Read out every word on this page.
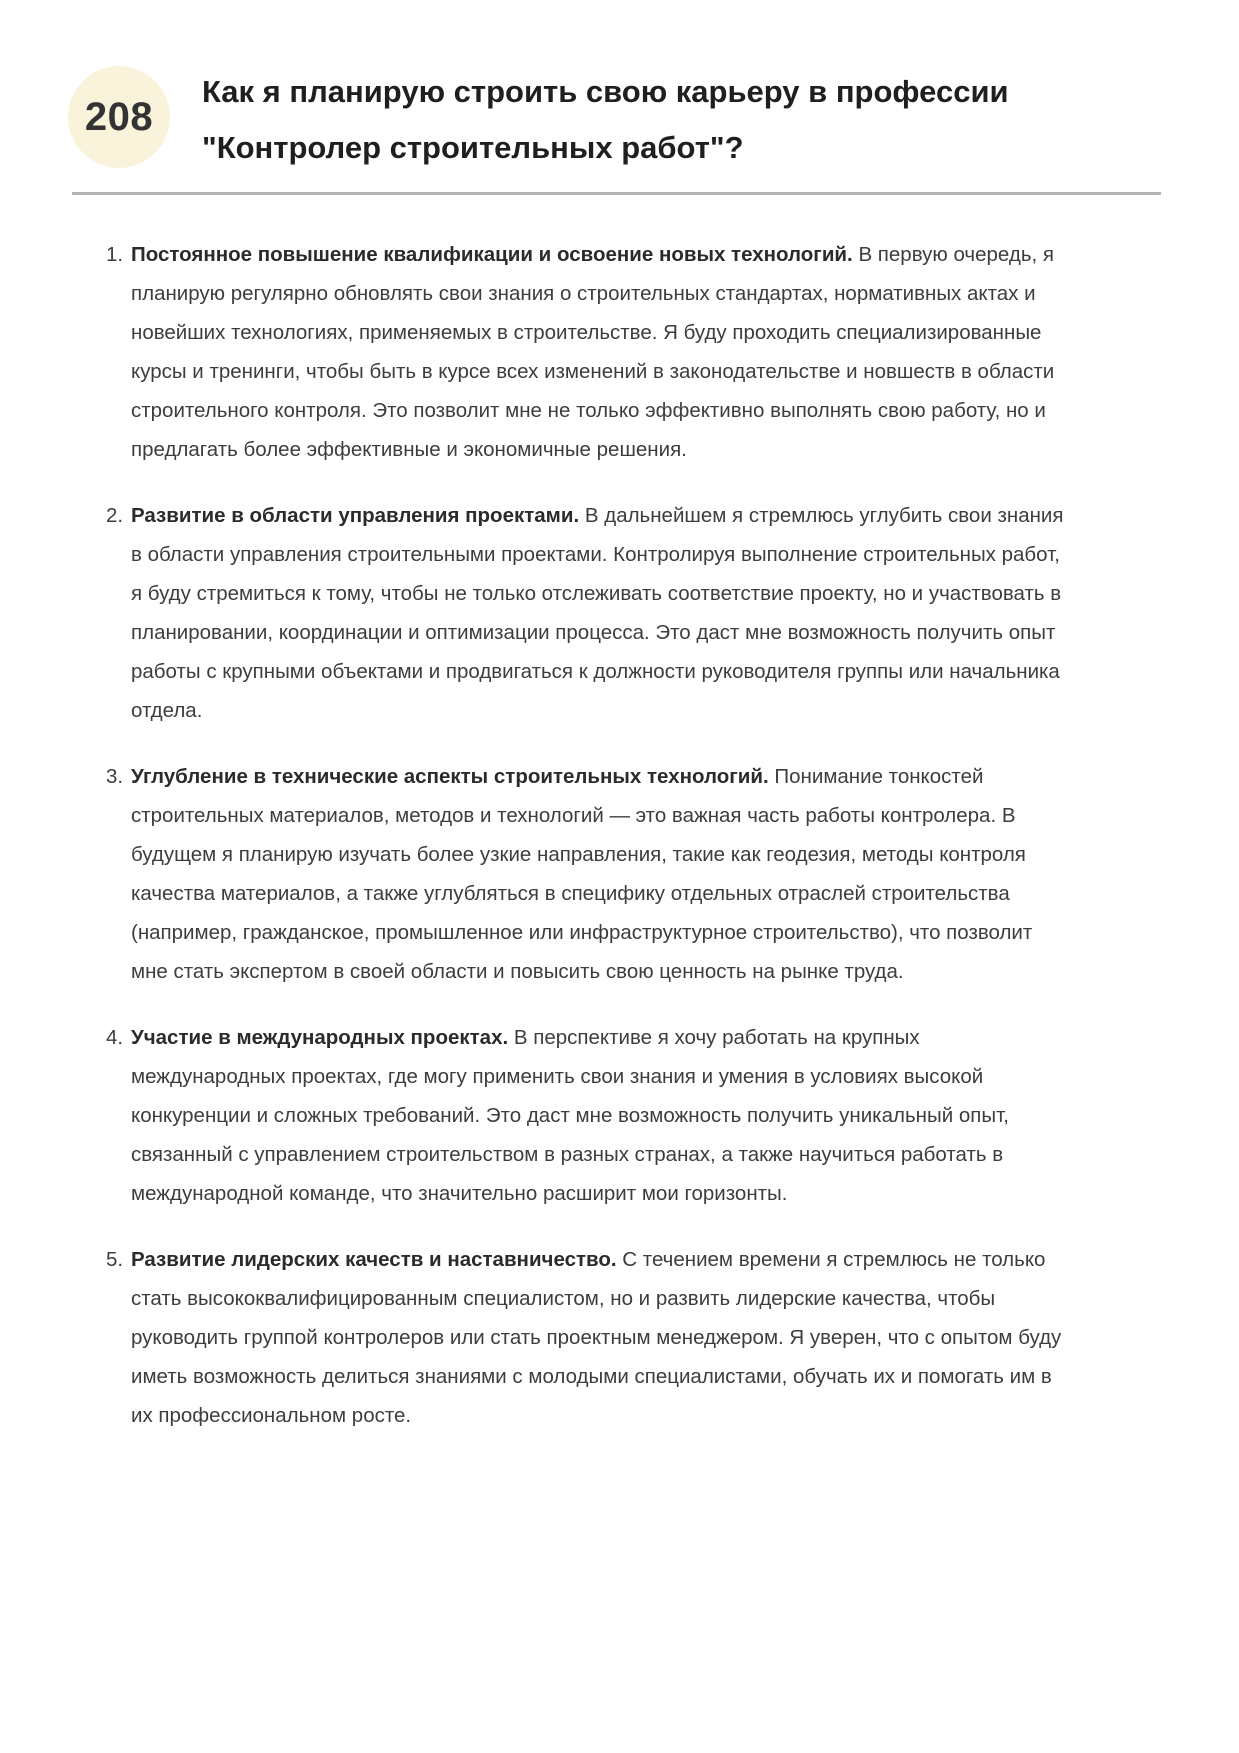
208
Как я планирую строить свою карьеру в профессии "Контролер строительных работ"?
1. Постоянное повышение квалификации и освоение новых технологий. В первую очередь, я планирую регулярно обновлять свои знания о строительных стандартах, нормативных актах и новейших технологиях, применяемых в строительстве. Я буду проходить специализированные курсы и тренинги, чтобы быть в курсе всех изменений в законодательстве и новшеств в области строительного контроля. Это позволит мне не только эффективно выполнять свою работу, но и предлагать более эффективные и экономичные решения.
2. Развитие в области управления проектами. В дальнейшем я стремлюсь углубить свои знания в области управления строительными проектами. Контролируя выполнение строительных работ, я буду стремиться к тому, чтобы не только отслеживать соответствие проекту, но и участвовать в планировании, координации и оптимизации процесса. Это даст мне возможность получить опыт работы с крупными объектами и продвигаться к должности руководителя группы или начальника отдела.
3. Углубление в технические аспекты строительных технологий. Понимание тонкостей строительных материалов, методов и технологий — это важная часть работы контролера. В будущем я планирую изучать более узкие направления, такие как геодезия, методы контроля качества материалов, а также углубляться в специфику отдельных отраслей строительства (например, гражданское, промышленное или инфраструктурное строительство), что позволит мне стать экспертом в своей области и повысить свою ценность на рынке труда.
4. Участие в международных проектах. В перспективе я хочу работать на крупных международных проектах, где могу применить свои знания и умения в условиях высокой конкуренции и сложных требований. Это даст мне возможность получить уникальный опыт, связанный с управлением строительством в разных странах, а также научиться работать в международной команде, что значительно расширит мои горизонты.
5. Развитие лидерских качеств и наставничество. С течением времени я стремлюсь не только стать высококвалифицированным специалистом, но и развить лидерские качества, чтобы руководить группой контролеров или стать проектным менеджером. Я уверен, что с опытом буду иметь возможность делиться знаниями с молодыми специалистами, обучать их и помогать им в их профессиональном росте.
